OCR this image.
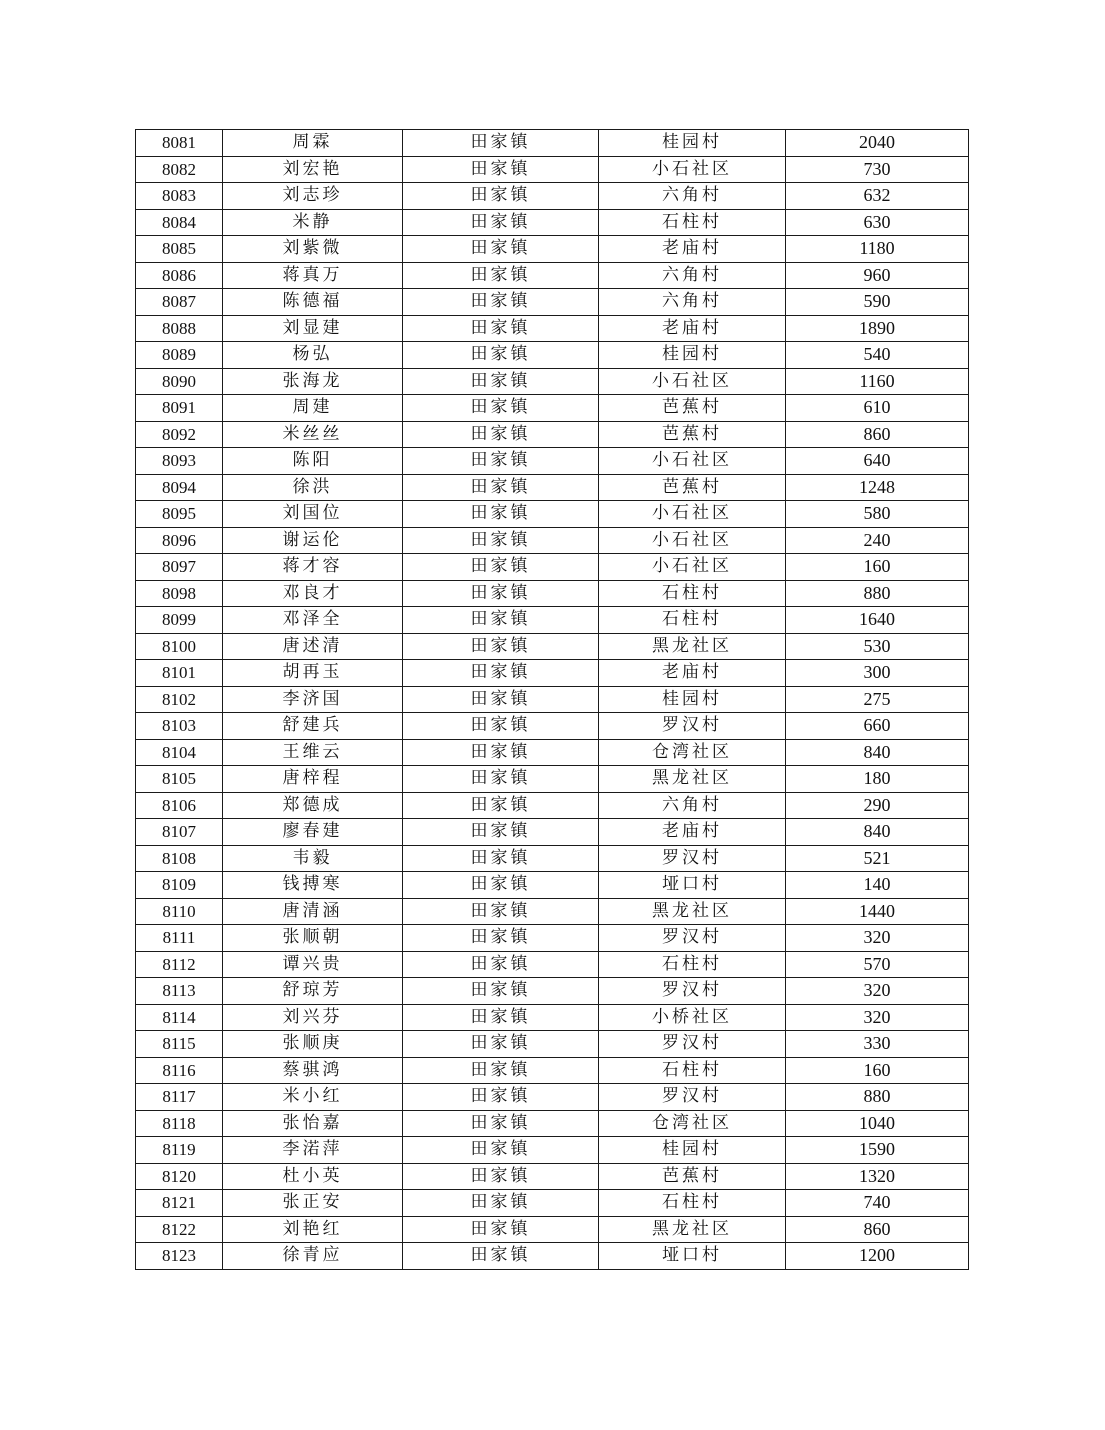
8081	周霖	田家镇	桂园村	2040
8082	刘宏艳	田家镇	小石社区	730
8083	刘志珍	田家镇	六角村	632
8084	米静	田家镇	石柱村	630
8085	刘紫微	田家镇	老庙村	1180
8086	蒋真万	田家镇	六角村	960
8087	陈德福	田家镇	六角村	590
8088	刘显建	田家镇	老庙村	1890
8089	杨弘	田家镇	桂园村	540
8090	张海龙	田家镇	小石社区	1160
8091	周建	田家镇	芭蕉村	610
8092	米丝丝	田家镇	芭蕉村	860
8093	陈阳	田家镇	小石社区	640
8094	徐洪	田家镇	芭蕉村	1248
8095	刘国位	田家镇	小石社区	580
8096	谢运伦	田家镇	小石社区	240
8097	蒋才容	田家镇	小石社区	160
8098	邓良才	田家镇	石柱村	880
8099	邓泽全	田家镇	石柱村	1640
8100	唐述清	田家镇	黑龙社区	530
8101	胡再玉	田家镇	老庙村	300
8102	李济国	田家镇	桂园村	275
8103	舒建兵	田家镇	罗汉村	660
8104	王维云	田家镇	仓湾社区	840
8105	唐梓程	田家镇	黑龙社区	180
8106	郑德成	田家镇	六角村	290
8107	廖春建	田家镇	老庙村	840
8108	韦毅	田家镇	罗汉村	521
8109	钱搏寒	田家镇	垭口村	140
8110	唐清涵	田家镇	黑龙社区	1440
8111	张顺朝	田家镇	罗汉村	320
8112	谭兴贵	田家镇	石柱村	570
8113	舒琼芳	田家镇	罗汉村	320
8114	刘兴芬	田家镇	小桥社区	320
8115	张顺庚	田家镇	罗汉村	330
8116	蔡骐鸿	田家镇	石柱村	160
8117	米小红	田家镇	罗汉村	880
8118	张怡嘉	田家镇	仓湾社区	1040
8119	李渃萍	田家镇	桂园村	1590
8120	杜小英	田家镇	芭蕉村	1320
8121	张正安	田家镇	石柱村	740
8122	刘艳红	田家镇	黑龙社区	860
8123	徐青应	田家镇	垭口村	1200
